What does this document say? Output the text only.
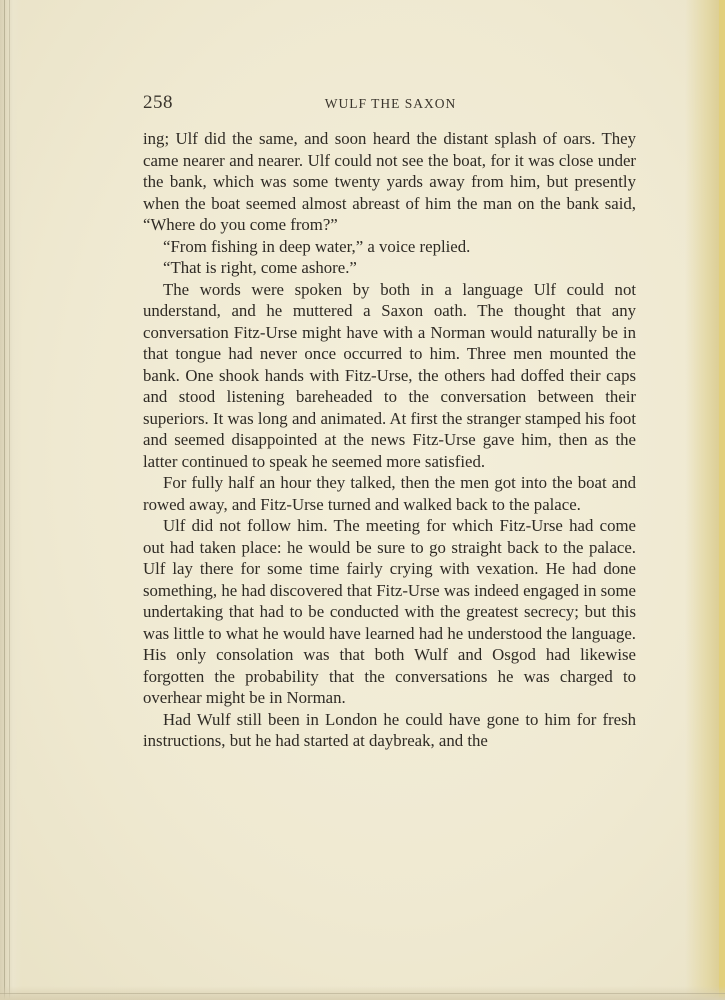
258	WULF THE SAXON

ing; Ulf did the same, and soon heard the distant splash of oars. They came nearer and nearer. Ulf could not see the boat, for it was close under the bank, which was some twenty yards away from him, but presently when the boat seemed almost abreast of him the man on the bank said, “Where do you come from?”

“From fishing in deep water,” a voice replied.

“That is right, come ashore.”

The words were spoken by both in a language Ulf could not understand, and he muttered a Saxon oath. The thought that any conversation Fitz-Urse might have with a Norman would naturally be in that tongue had never once occurred to him. Three men mounted the bank. One shook hands with Fitz-Urse, the others had doffed their caps and stood listening bareheaded to the conversation between their superiors. It was long and animated. At first the stranger stamped his foot and seemed disappointed at the news Fitz-Urse gave him, then as the latter continued to speak he seemed more satisfied.

For fully half an hour they talked, then the men got into the boat and rowed away, and Fitz-Urse turned and walked back to the palace.

Ulf did not follow him. The meeting for which Fitz-Urse had come out had taken place: he would be sure to go straight back to the palace. Ulf lay there for some time fairly crying with vexation. He had done something, he had discovered that Fitz-Urse was indeed engaged in some undertaking that had to be conducted with the greatest secrecy; but this was little to what he would have learned had he understood the language. His only consolation was that both Wulf and Osgod had likewise forgotten the probability that the conversations he was charged to overhear might be in Norman.

Had Wulf still been in London he could have gone to him for fresh instructions, but he had started at daybreak, and the
